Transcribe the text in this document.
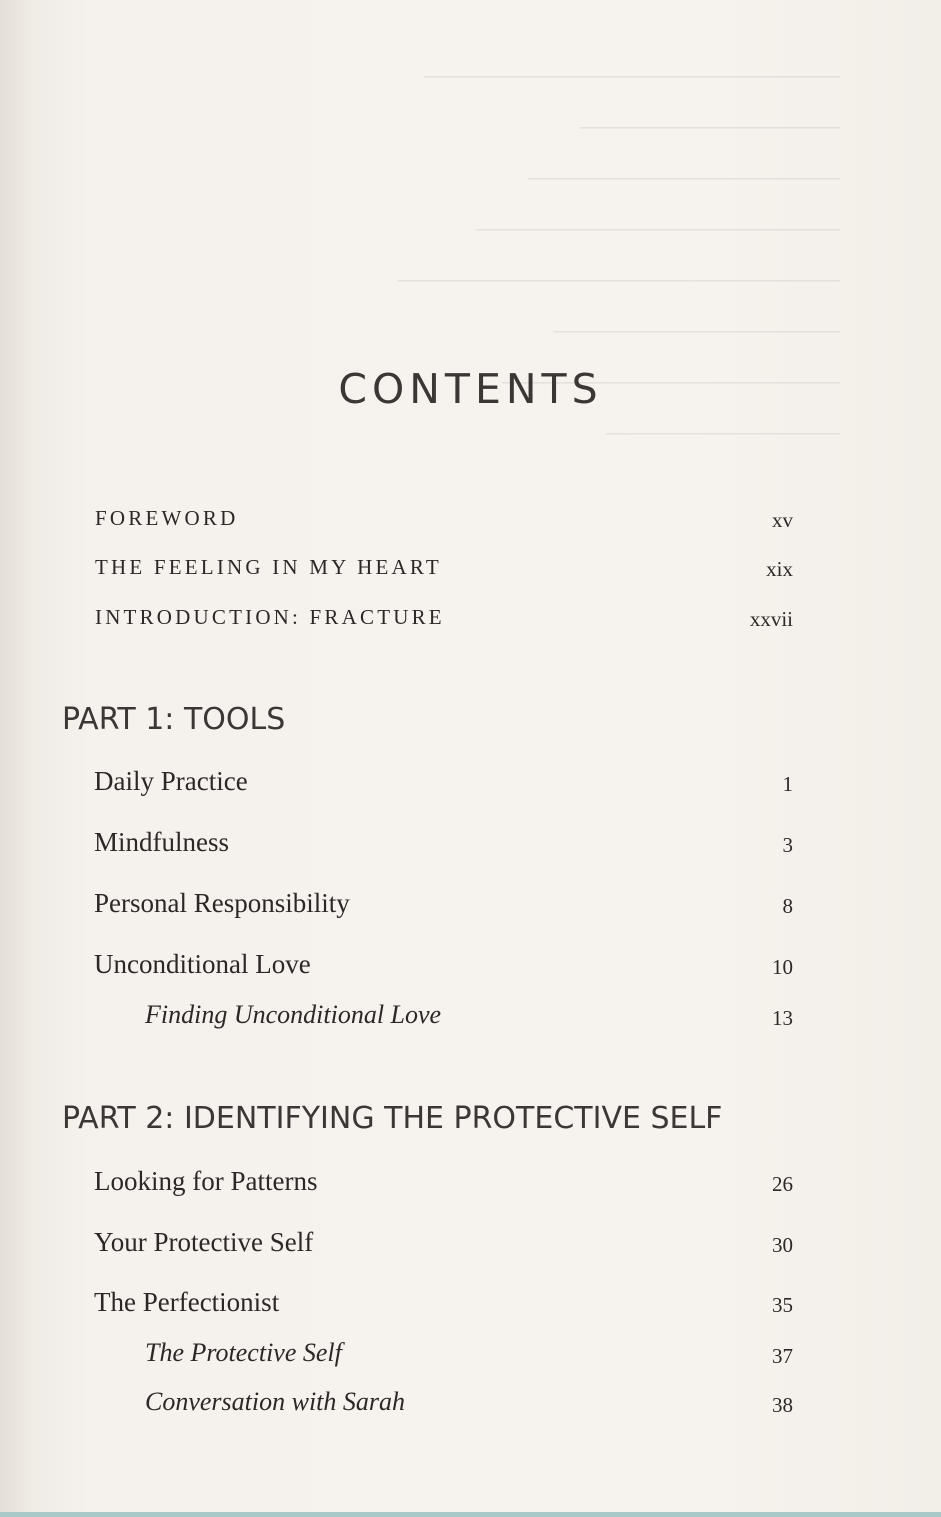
————————————————
——————————
————————————
——————————————
—————————————————
———————————
—————————————
—————————
CONTENTS
FOREWORD	xv
THE FEELING IN MY HEART	xix
INTRODUCTION: FRACTURE	xxvii
PART 1: TOOLS
Daily Practice	1
Mindfulness	3
Personal Responsibility	8
Unconditional Love	10
Finding Unconditional Love	13
PART 2: IDENTIFYING THE PROTECTIVE SELF
Looking for Patterns	26
Your Protective Self	30
The Perfectionist	35
The Protective Self	37
Conversation with Sarah	38
